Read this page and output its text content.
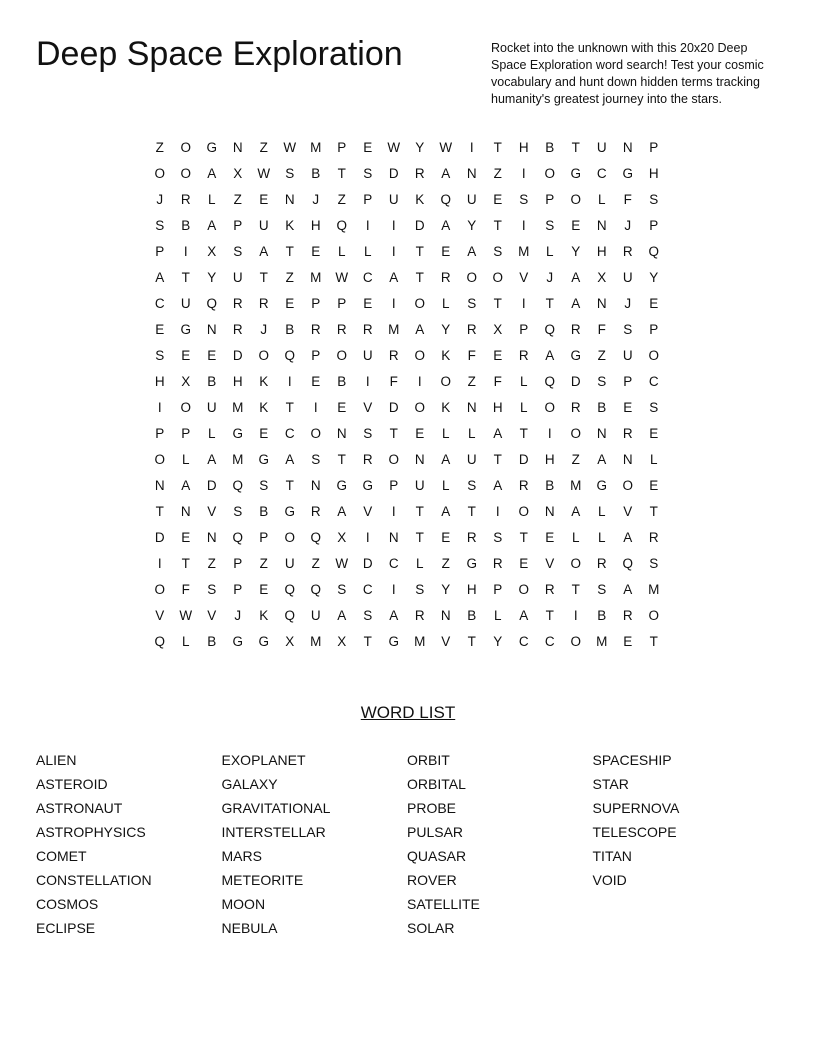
Deep Space Exploration	Rocket into the unknown with this 20x20 Deep Space Exploration word search! Test your cosmic vocabulary and hunt down hidden terms tracking humanity's greatest journey into the stars.
Z	O	G	N	Z	W	M	P	E	W	Y	W	I	T	H	B	T	U	N	P
O	O	A	X	W	S	B	T	S	D	R	A	N	Z	I	O	G	C	G	H
J	R	L	Z	E	N	J	Z	P	U	K	Q	U	E	S	P	O	L	F	S
S	B	A	P	U	K	H	Q	I	I	D	A	Y	T	I	S	E	N	J	P
P	I	X	S	A	T	E	L	L	I	T	E	A	S	M	L	Y	H	R	Q
A	T	Y	U	T	Z	M	W	C	A	T	R	O	O	V	J	A	X	U	Y
C	U	Q	R	R	E	P	P	E	I	O	L	S	T	I	T	A	N	J	E
E	G	N	R	J	B	R	R	R	M	A	Y	R	X	P	Q	R	F	S	P
S	E	E	D	O	Q	P	O	U	R	O	K	F	E	R	A	G	Z	U	O
H	X	B	H	K	I	E	B	I	F	I	O	Z	F	L	Q	D	S	P	C
I	O	U	M	K	T	I	E	V	D	O	K	N	H	L	O	R	B	E	S
P	P	L	G	E	C	O	N	S	T	E	L	L	A	T	I	O	N	R	E
O	L	A	M	G	A	S	T	R	O	N	A	U	T	D	H	Z	A	N	L
N	A	D	Q	S	T	N	G	G	P	U	L	S	A	R	B	M	G	O	E
T	N	V	S	B	G	R	A	V	I	T	A	T	I	O	N	A	L	V	T
D	E	N	Q	P	O	Q	X	I	N	T	E	R	S	T	E	L	L	A	R
I	T	Z	P	Z	U	Z	W	D	C	L	Z	G	R	E	V	O	R	Q	S
O	F	S	P	E	Q	Q	S	C	I	S	Y	H	P	O	R	T	S	A	M
V	W	V	J	K	Q	U	A	S	A	R	N	B	L	A	T	I	B	R	O
Q	L	B	G	G	X	M	X	T	G	M	V	T	Y	C	C	O	M	E	T
WORD LIST
ALIEN
ASTEROID
ASTRONAUT
ASTROPHYSICS
COMET
CONSTELLATION
COSMOS
ECLIPSE
EXOPLANET
GALAXY
GRAVITATIONAL
INTERSTELLAR
MARS
METEORITE
MOON
NEBULA
ORBIT
ORBITAL
PROBE
PULSAR
QUASAR
ROVER
SATELLITE
SOLAR
SPACESHIP
STAR
SUPERNOVA
TELESCOPE
TITAN
VOID
